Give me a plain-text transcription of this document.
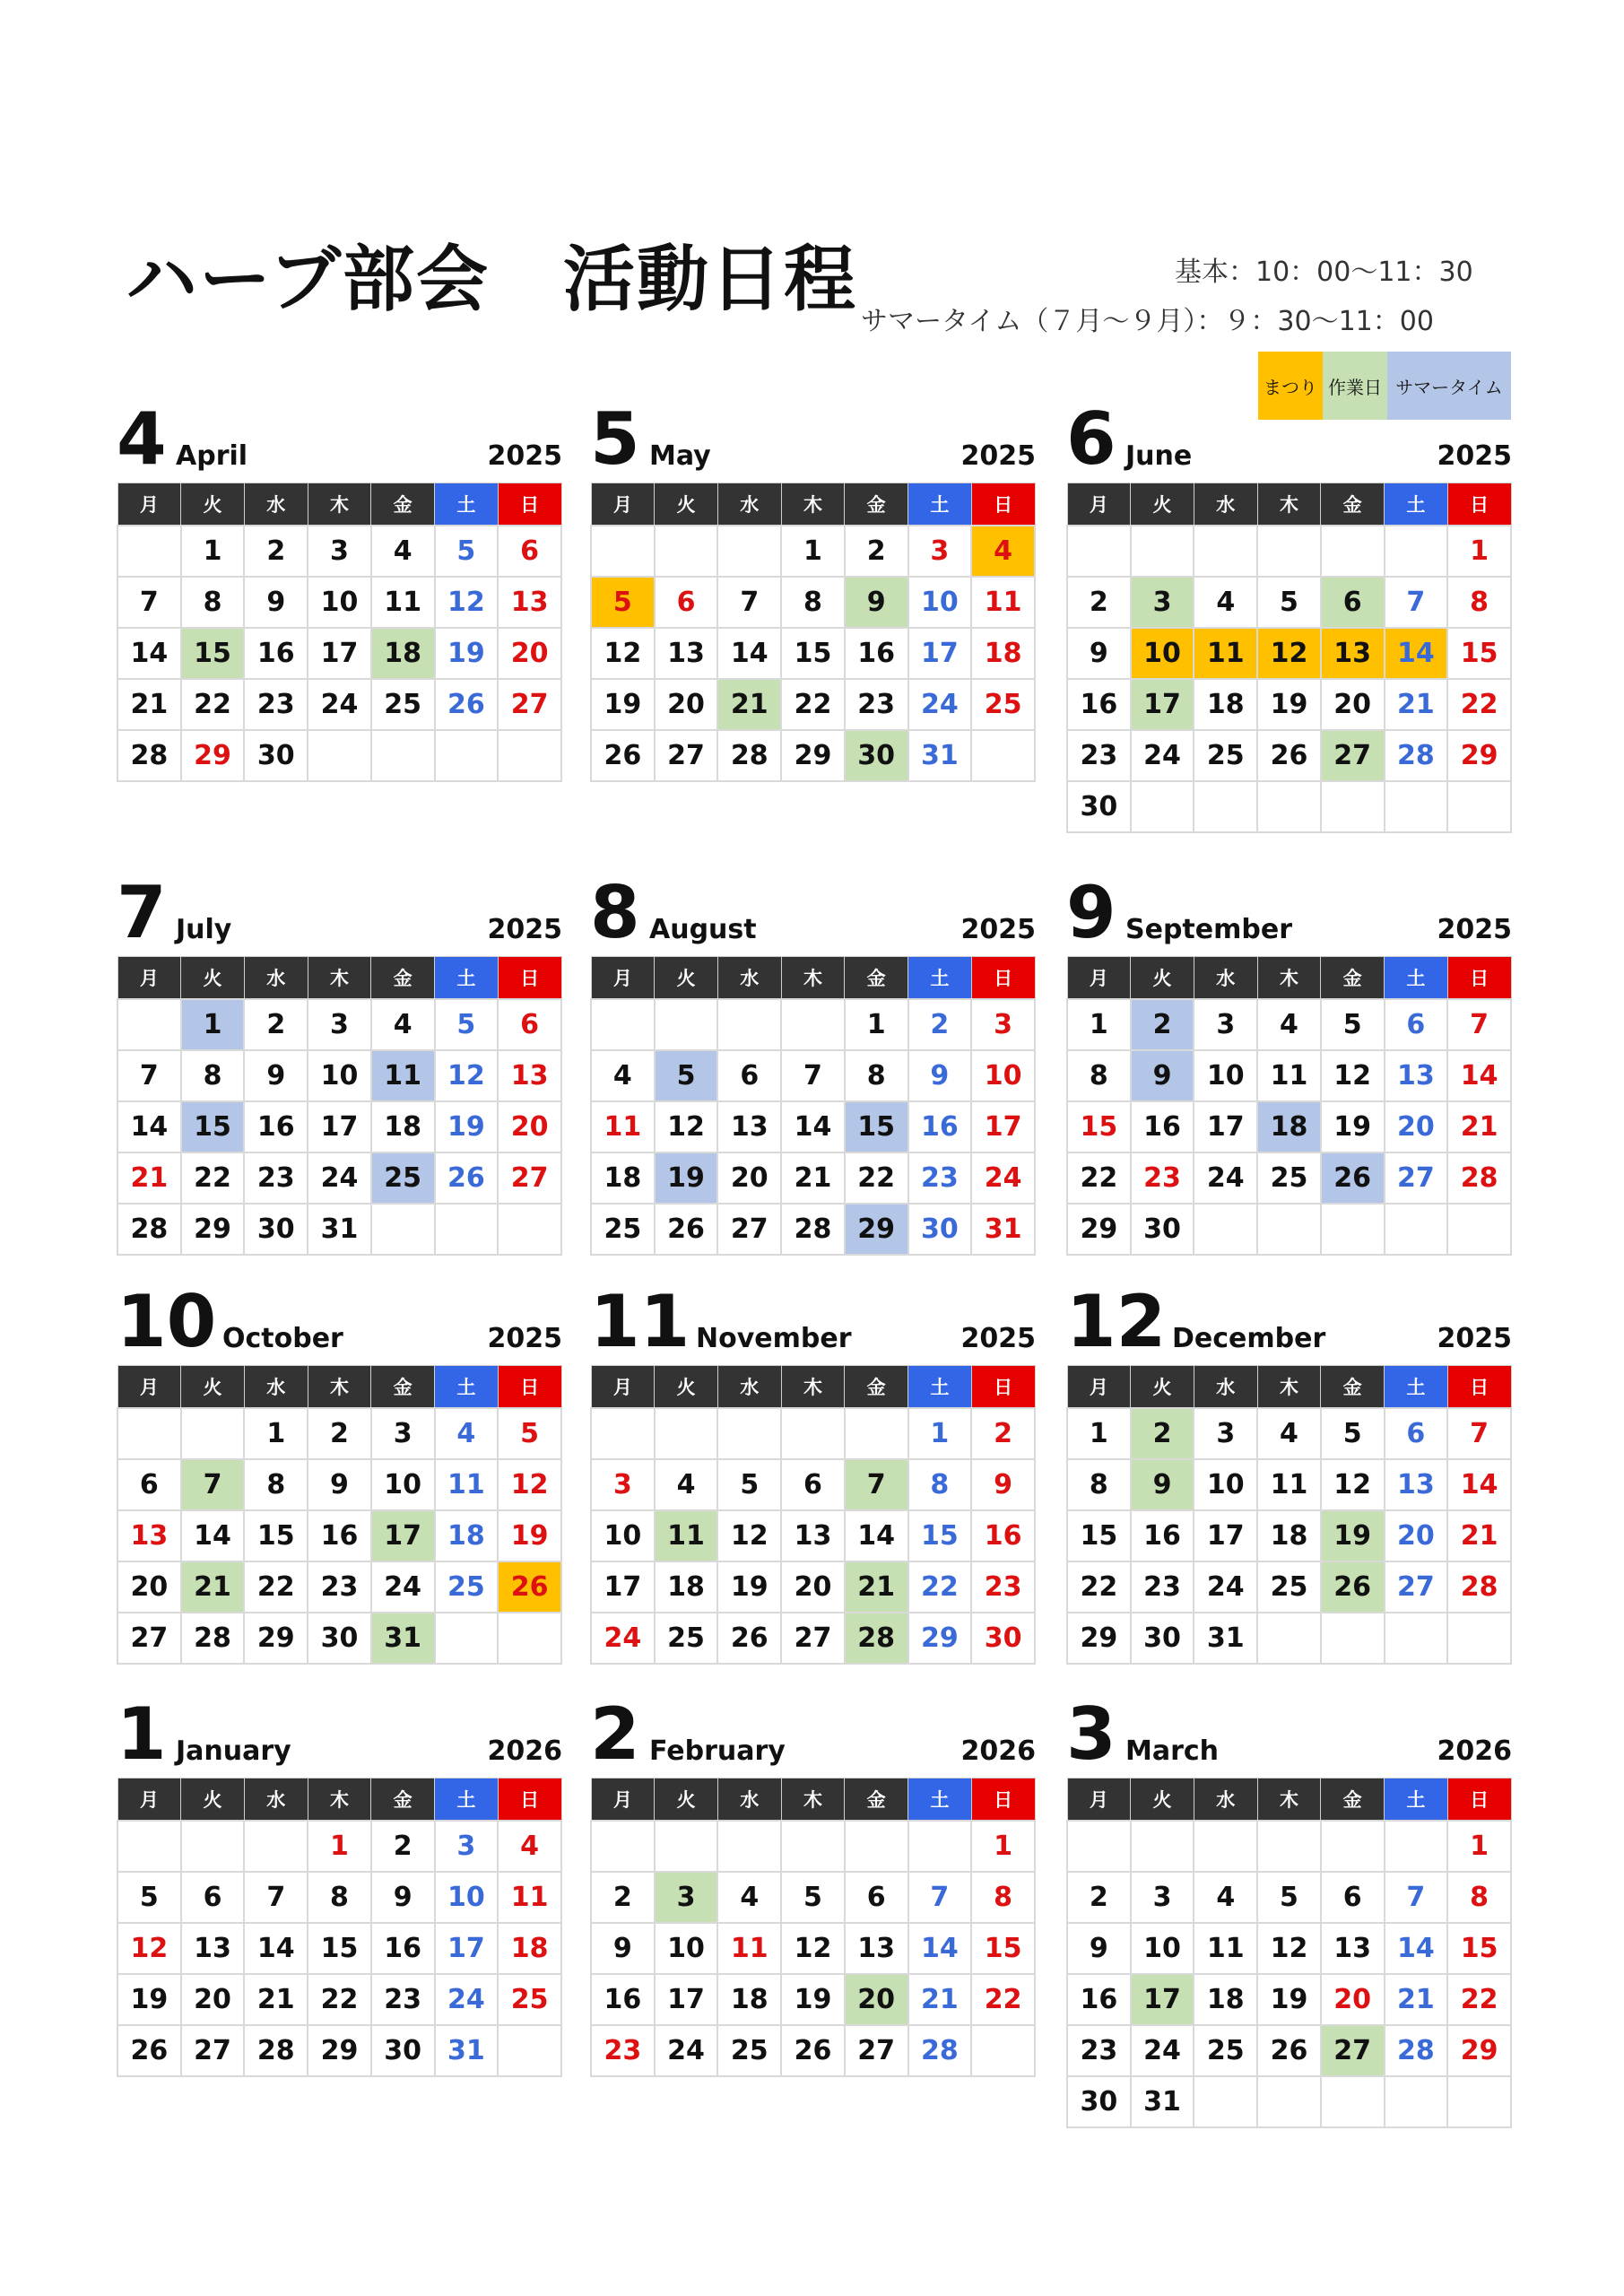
ハーブ部会　活動日程	基本：10：00〜11：30
サマータイム（７月〜９月）：９：30〜11：00
まつり 作業日 サマータイム
4 April	2025
月	火	水	木	金	土	日
	1	2	3	4	5	6
7	8	9	10	11	12	13
14	15	16	17	18	19	20
21	22	23	24	25	26	27
28	29	30				
5 May	2025
月	火	水	木	金	土	日
			1	2	3	4
5	6	7	8	9	10	11
12	13	14	15	16	17	18
19	20	21	22	23	24	25
26	27	28	29	30	31	
6 June	2025
月	火	水	木	金	土	日
						1
2	3	4	5	6	7	8
9	10	11	12	13	14	15
16	17	18	19	20	21	22
23	24	25	26	27	28	29
30						
7 July	2025
月	火	水	木	金	土	日
	1	2	3	4	5	6
7	8	9	10	11	12	13
14	15	16	17	18	19	20
21	22	23	24	25	26	27
28	29	30	31			
8 August	2025
月	火	水	木	金	土	日
				1	2	3
4	5	6	7	8	9	10
11	12	13	14	15	16	17
18	19	20	21	22	23	24
25	26	27	28	29	30	31
9 September	2025
月	火	水	木	金	土	日
1	2	3	4	5	6	7
8	9	10	11	12	13	14
15	16	17	18	19	20	21
22	23	24	25	26	27	28
29	30					
10 October	2025
月	火	水	木	金	土	日
		1	2	3	4	5
6	7	8	9	10	11	12
13	14	15	16	17	18	19
20	21	22	23	24	25	26
27	28	29	30	31		
11 November	2025
月	火	水	木	金	土	日
					1	2
3	4	5	6	7	8	9
10	11	12	13	14	15	16
17	18	19	20	21	22	23
24	25	26	27	28	29	30
12 December	2025
月	火	水	木	金	土	日
1	2	3	4	5	6	7
8	9	10	11	12	13	14
15	16	17	18	19	20	21
22	23	24	25	26	27	28
29	30	31				
1 January	2026
月	火	水	木	金	土	日
			1	2	3	4
5	6	7	8	9	10	11
12	13	14	15	16	17	18
19	20	21	22	23	24	25
26	27	28	29	30	31	
2 February	2026
月	火	水	木	金	土	日
						1
2	3	4	5	6	7	8
9	10	11	12	13	14	15
16	17	18	19	20	21	22
23	24	25	26	27	28	
3 March	2026
月	火	水	木	金	土	日
						1
2	3	4	5	6	7	8
9	10	11	12	13	14	15
16	17	18	19	20	21	22
23	24	25	26	27	28	29
30	31					
